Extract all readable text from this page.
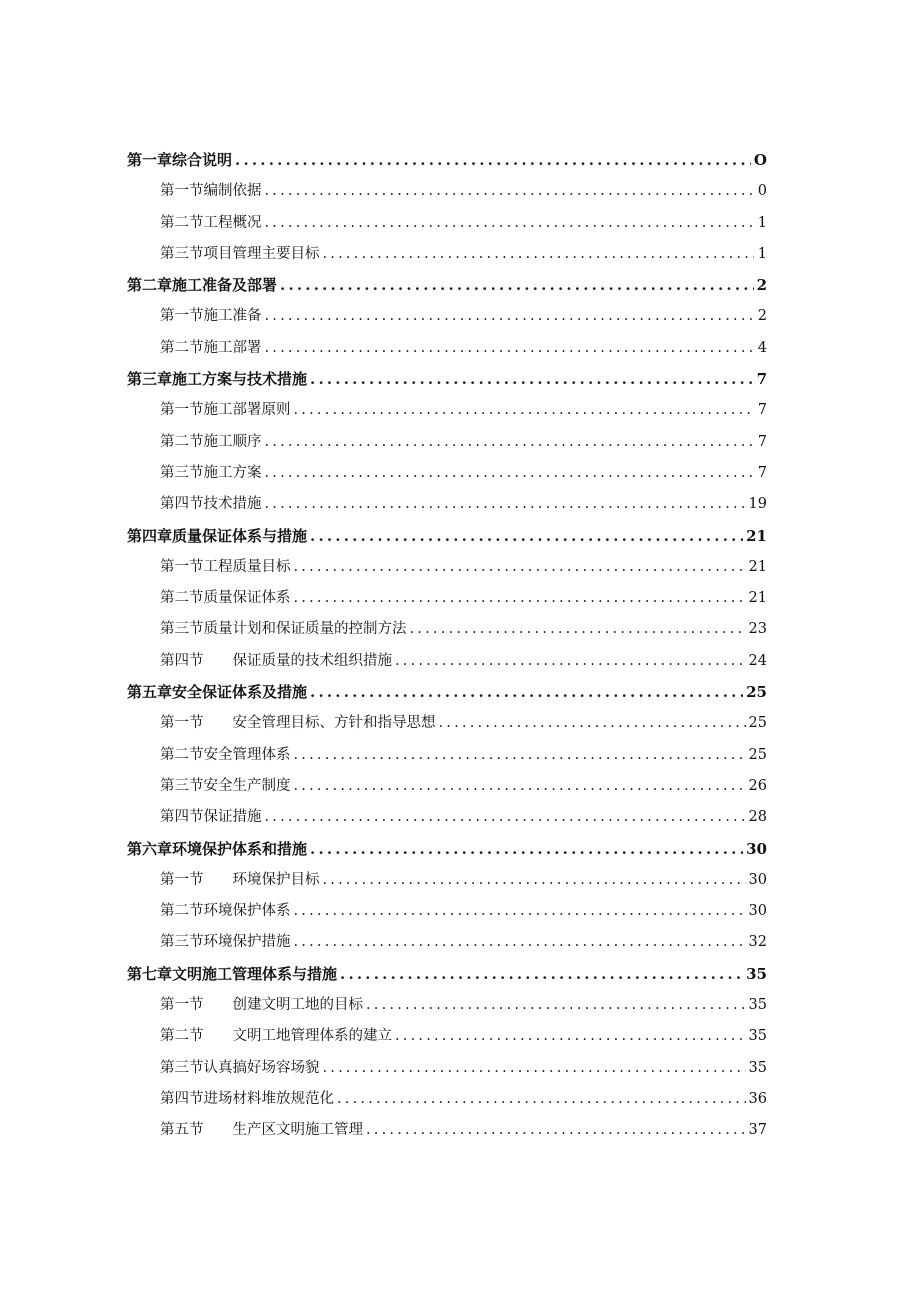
第一章综合说明 .....	O
第一节编制依据 .....	0
第二节工程概况 .....	1
第三节项目管理主要目标 .....	1
第二章施工准备及部署 .....	2
第一节施工准备 .....	2
第二节施工部署 .....	4
第三章施工方案与技术措施 .....	7
第一节施工部署原则 .....	7
第二节施工顺序 .....	7
第三节施工方案 .....	7
第四节技术措施 .....	19
第四章质量保证体系与措施 .....	21
第一节工程质量目标 .....	21
第二节质量保证体系 .....	21
第三节质量计划和保证质量的控制方法 .....	23
第四节　　保证质量的技术组织措施 .....	24
第五章安全保证体系及措施 .....	25
第一节　　安全管理目标、方针和指导思想 .....	25
第二节安全管理体系 .....	25
第三节安全生产制度 .....	26
第四节保证措施 .....	28
第六章环境保护体系和措施 .....	30
第一节　　环境保护目标 .....	30
第二节环境保护体系 .....	30
第三节环境保护措施 .....	32
第七章文明施工管理体系与措施 .....	35
第一节　　创建文明工地的目标 .....	35
第二节　　文明工地管理体系的建立 .....	35
第三节认真搞好场容场貌 .....	35
第四节进场材料堆放规范化 .....	36
第五节　　生产区文明施工管理 .....	37
